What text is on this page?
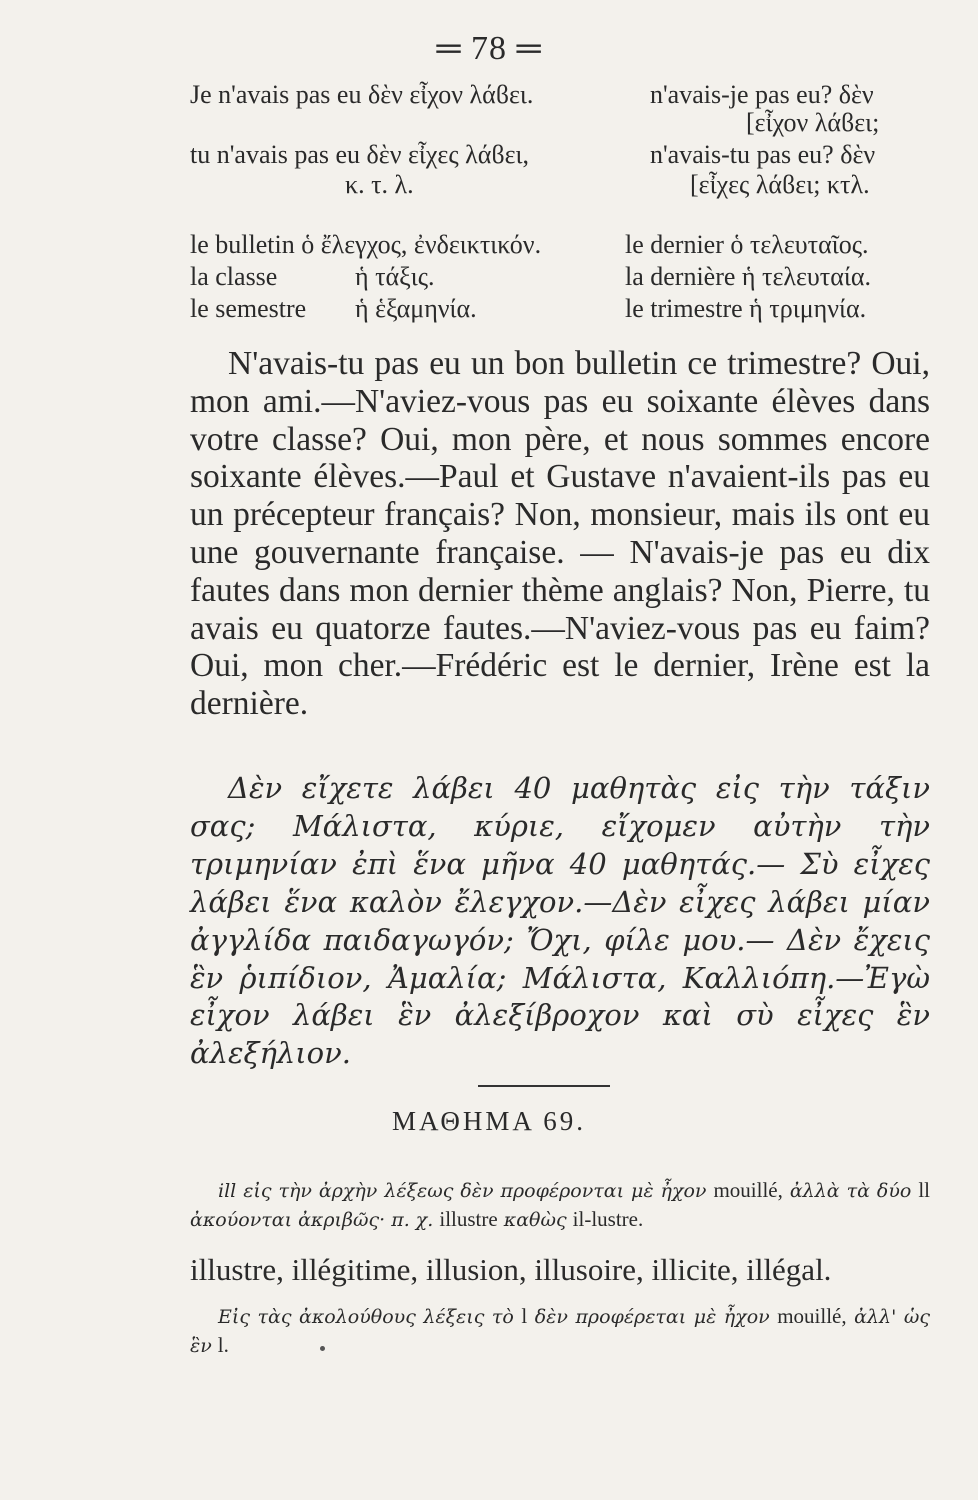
═ 78 ═
Je n'avais pas eu δὲν εἶχον λάϐει.	n'avais-je pas eu? δὲν
[εἶχον λάϐει;
tu n'avais pas eu δὲν εἶχες λάϐει,	n'avais-tu pas eu? δὲν
κ. τ. λ.	[εἶχες λάϐει; κτλ.
le bulletin ὁ ἔλεγχος, ἐνδεικτικόν.	le dernier ὁ τελευταῖος.
la classe	ἡ τάξις.	la dernière ἡ τελευταία.
le semestre ἡ ἑξαμηνία.	le trimestre ἡ τριμηνία.
N'avais-tu pas eu un bon bulletin ce trimestre? Oui, mon ami.—N'aviez-vous pas eu soixante élèves dans votre classe? Oui, mon père, et nous sommes encore soixante élèves.—Paul et Gustave n'avaient-ils pas eu un précepteur français? Non, monsieur, mais ils ont eu une gouvernante française. — N'avais-je pas eu dix fautes dans mon dernier thème anglais? Non, Pierre, tu avais eu quatorze fautes.—N'aviez-vous pas eu faim? Oui, mon cher.—Frédéric est le dernier, Irène est la dernière.
Δὲν εἴχετε λάβει 40 μαθητὰς εἰς τὴν τάξιν σας; Μάλιστα, κύριε, εἴχομεν αὐτὴν τὴν τριμηνίαν ἐπὶ ἕνα μῆνα 40 μαθητάς.— Σὺ εἶχες λάβει ἕνα καλὸν ἔλεγχον.—Δὲν εἶχες λάβει μίαν ἀγγλίδα παιδαγωγόν; Ὄχι, φίλε μου.— Δὲν ἔχεις ἓν ῥιπίδιον, Ἀμαλία; Μάλιστα, Καλλιόπη.—Ἐγὼ εἶχον λάβει ἓν ἀλεξίβροχον καὶ σὺ εἶχες ἓν ἀλεξήλιον.
ΜΑΘΗΜΑ 69.
ill εἰς τὴν ἀρχὴν λέξεως δὲν προφέρονται μὲ ἦχον mouillé, ἀλλὰ τὰ δύο ll ἀκούονται ἀκριβῶς· π. χ. illustre καθὼς il-lustre.
illustre, illégitime, illusion, illusoire, illicite, illégal.
Εἰς τὰς ἀκολούθους λέξεις τὸ l δὲν προφέρεται μὲ ἦχον mouillé, ἀλλ' ὡς ἓν l.
